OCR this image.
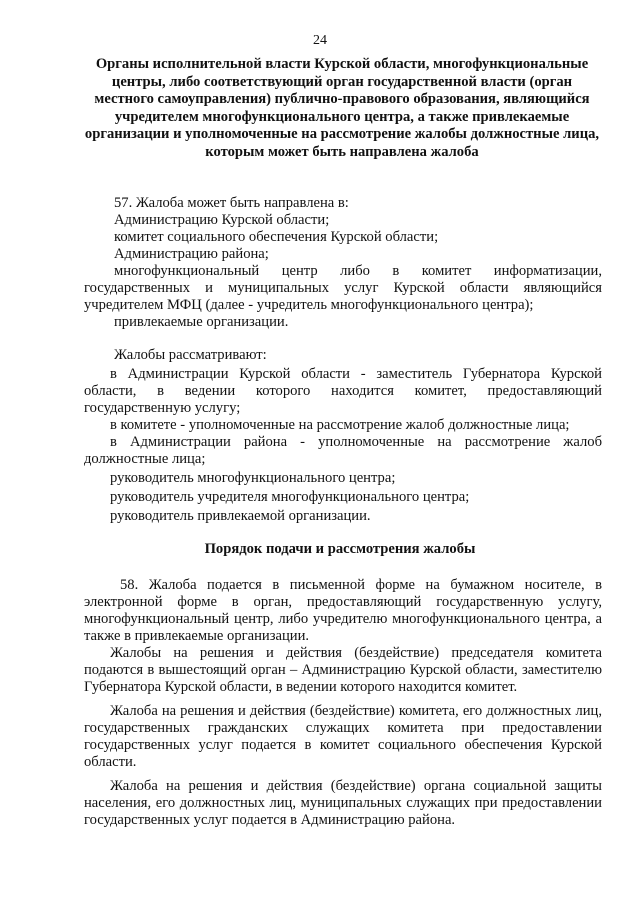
24
Органы исполнительной власти Курской области, многофункциональные центры, либо соответствующий орган государственной власти (орган местного самоуправления) публично-правового образования, являющийся учредителем многофункционального центра, а также привлекаемые организации и уполномоченные на рассмотрение жалобы должностные лица, которым может быть направлена жалоба

57. Жалоба может быть направлена в:

Администрацию Курской области;

комитет социального обеспечения Курской области;

Администрацию района;

многофункциональный центр либо в комитет информатизации, государственных и муниципальных услуг Курской области являющийся учредителем МФЦ (далее - учредитель многофункционального центра);

привлекаемые организации.

Жалобы рассматривают:

в Администрации Курской области - заместитель Губернатора Курской области, в ведении которого находится комитет, предоставляющий государственную услугу;

в комитете - уполномоченные на рассмотрение жалоб должностные лица;

в Администрации района - уполномоченные на рассмотрение жалоб должностные лица;

руководитель многофункционального центра;

руководитель учредителя многофункционального центра;

руководитель привлекаемой организации.

Порядок подачи и рассмотрения жалобы

58. Жалоба подается в письменной форме на бумажном носителе, в электронной форме в орган, предоставляющий государственную услугу, многофункциональный центр, либо учредителю многофункционального центра, а также в привлекаемые организации.

Жалобы на решения и действия (бездействие) председателя комитета подаются в вышестоящий орган – Администрацию Курской области, заместителю Губернатора Курской области, в ведении которого находится комитет.

Жалоба на решения и действия (бездействие) комитета, его должностных лиц, государственных гражданских служащих комитета при предоставлении государственных услуг подается в комитет социального обеспечения Курской области.

Жалоба на решения и действия (бездействие) органа социальной защиты населения, его должностных лиц, муниципальных служащих при предоставлении государственных услуг подается в Администрацию района.
